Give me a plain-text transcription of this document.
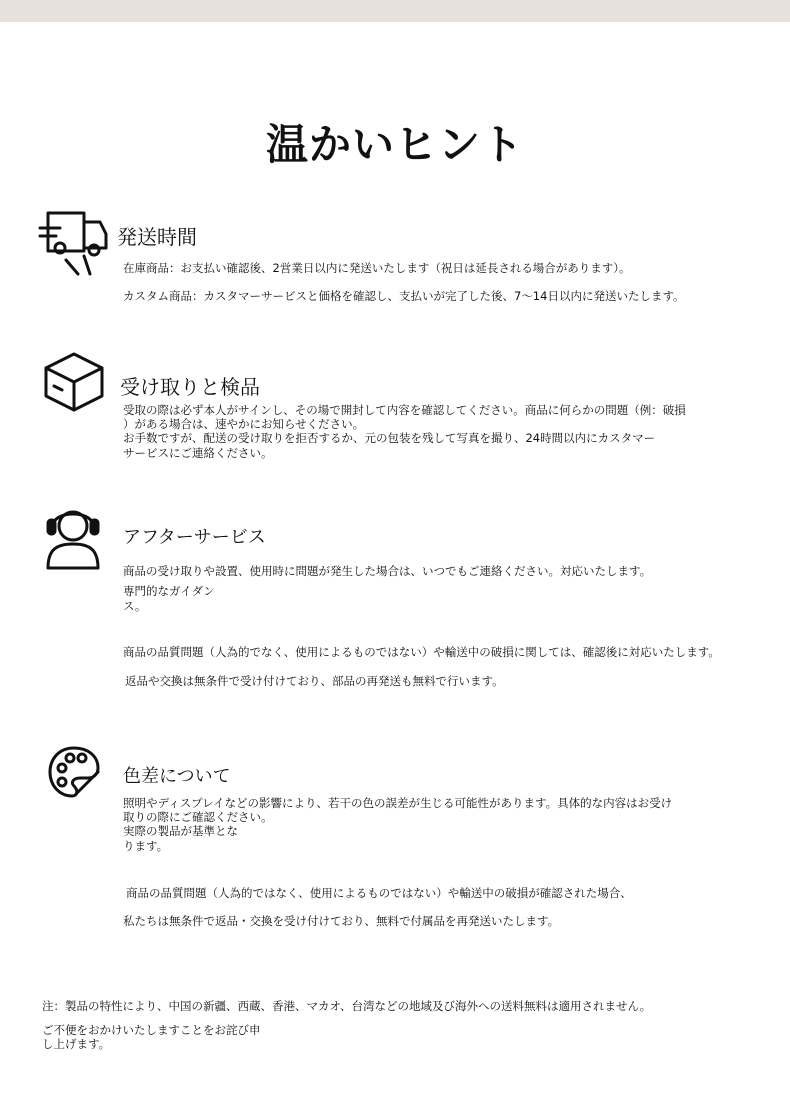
温かいヒント
発送時間
在庫商品：お支払い確認後、2営業日以内に発送いたします（祝日は延長される場合があります）。
カスタム商品：カスタマーサービスと価格を確認し、支払いが完了した後、7〜14日以内に発送いたします。
受け取りと検品
受取の際は必ず本人がサインし、その場で開封して内容を確認してください。商品に何らかの問題（例：破損
）がある場合は、速やかにお知らせください。
お手数ですが、配送の受け取りを拒否するか、元の包装を残して写真を撮り、24時間以内にカスタマー
サービスにご連絡ください。
アフターサービス
商品の受け取りや設置、使用時に問題が発生した場合は、いつでもご連絡ください。対応いたします。
専門的なガイダン
ス。
商品の品質問題（人為的でなく、使用によるものではない）や輸送中の破損に関しては、確認後に対応いたします。
返品や交換は無条件で受け付けており、部品の再発送も無料で行います。
色差について
照明やディスプレイなどの影響により、若干の色の誤差が生じる可能性があります。具体的な内容はお受け
取りの際にご確認ください。
実際の製品が基準とな
ります。
商品の品質問題（人為的ではなく、使用によるものではない）や輸送中の破損が確認された場合、
私たちは無条件で返品・交換を受け付けており、無料で付属品を再発送いたします。
注：製品の特性により、中国の新疆、西蔵、香港、マカオ、台湾などの地域及び海外への送料無料は適用されません。
ご不便をおかけいたしますことをお詫び申
し上げます。
